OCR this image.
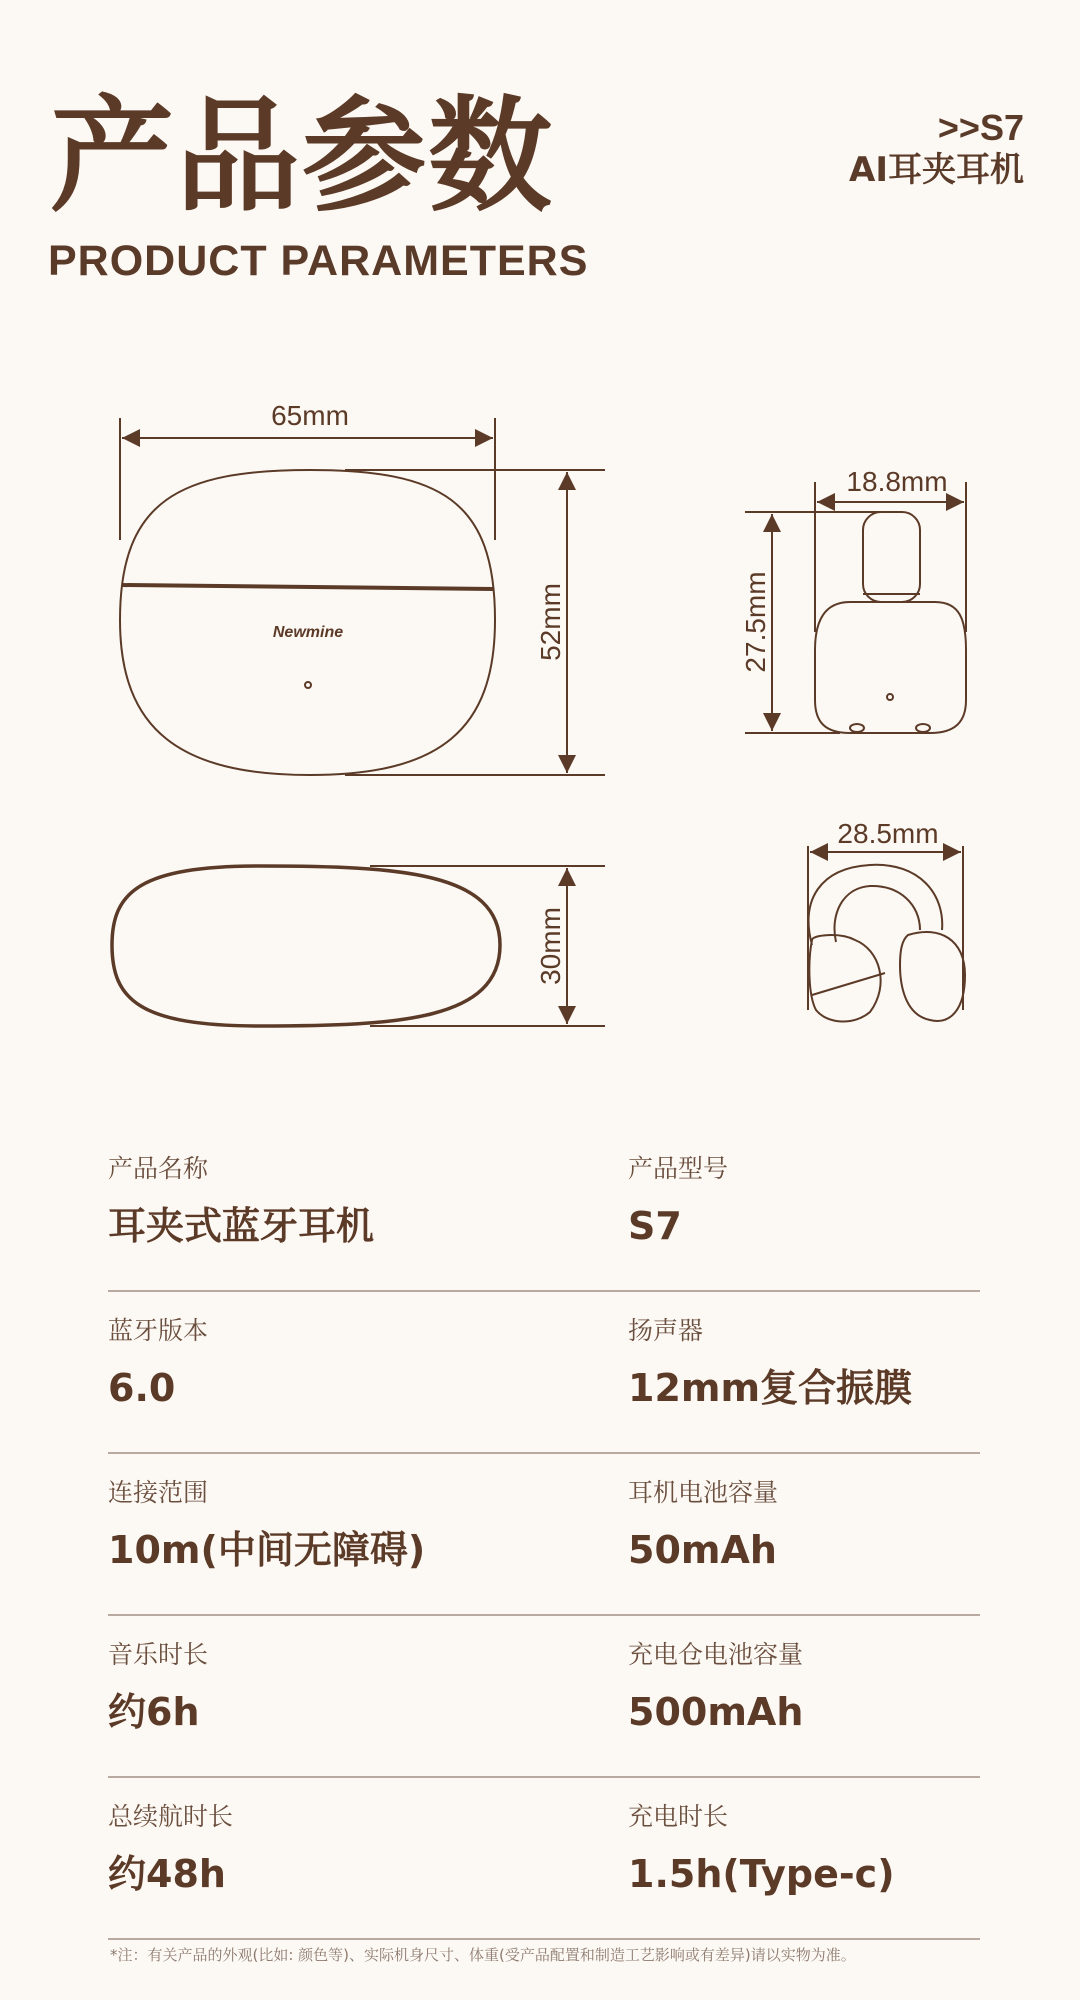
产品参数
PRODUCT PARAMETERS
>>S7
AI耳夹耳机
65mm
52mm
30mm
Newmine
18.8mm
27.5mm
28.5mm
产品名称
耳夹式蓝牙耳机
产品型号
S7
蓝牙版本
6.0
扬声器
12mm复合振膜
连接范围
10m(中间无障碍)
耳机电池容量
50mAh
音乐时长
约6h
充电仓电池容量
500mAh
总续航时长
约48h
充电时长
1.5h(Type-c)
*注：有关产品的外观(比如: 颜色等)、实际机身尺寸、体重(受产品配置和制造工艺影响或有差异)请以实物为准。
